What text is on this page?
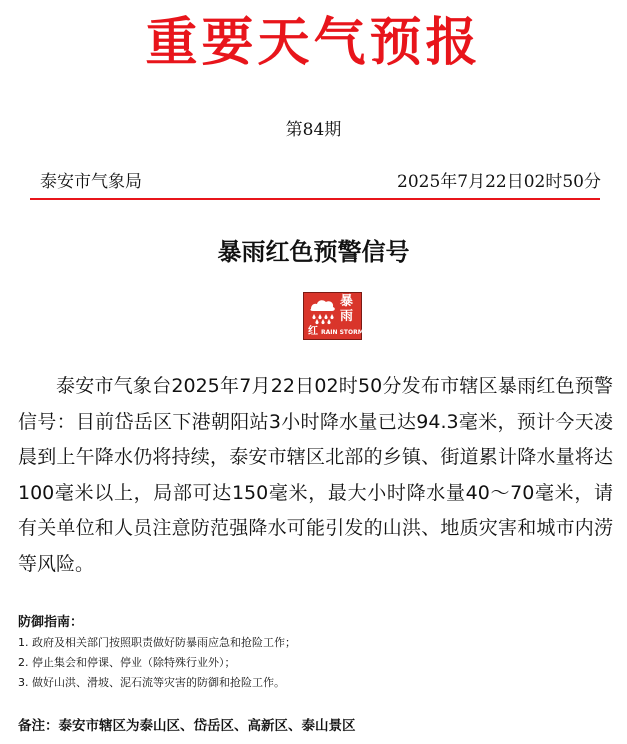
重要天气预报
第84期
泰安市气象局	2025年7月22日02时50分
暴雨红色预警信号
暴
雨
红 RAIN STORM
泰安市气象台2025年7月22日02时50分发布市辖区暴雨红色预警信号：目前岱岳区下港朝阳站3小时降水量已达94.3毫米，预计今天凌晨到上午降水仍将持续，泰安市辖区北部的乡镇、街道累计降水量将达100毫米以上，局部可达150毫米，最大小时降水量40～70毫米，请有关单位和人员注意防范强降水可能引发的山洪、地质灾害和城市内涝等风险。
防御指南：
1. 政府及相关部门按照职责做好防暴雨应急和抢险工作；
2. 停止集会和停课、停业（除特殊行业外）；
3. 做好山洪、滑坡、泥石流等灾害的防御和抢险工作。
备注：泰安市辖区为泰山区、岱岳区、高新区、泰山景区
